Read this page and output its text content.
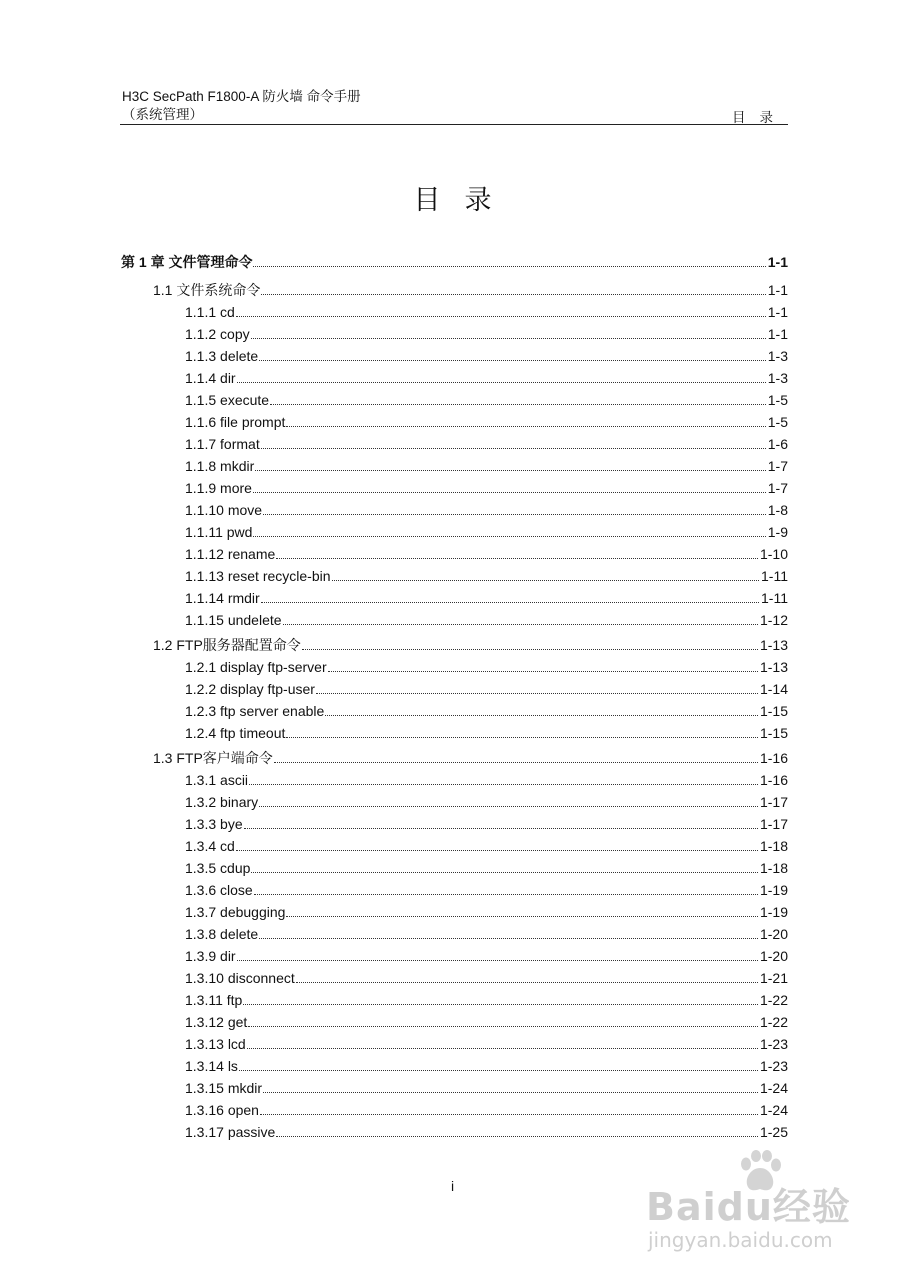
H3C SecPath F1800-A 防火墙 命令手册
（系统管理）	目录
目录
第 1 章 文件管理命令	1-1
1.1 文件系统命令	1-1
1.1.1 cd	1-1
1.1.2 copy	1-1
1.1.3 delete	1-3
1.1.4 dir	1-3
1.1.5 execute	1-5
1.1.6 file prompt	1-5
1.1.7 format	1-6
1.1.8 mkdir	1-7
1.1.9 more	1-7
1.1.10 move	1-8
1.1.11 pwd	1-9
1.1.12 rename	1-10
1.1.13 reset recycle-bin	1-11
1.1.14 rmdir	1-11
1.1.15 undelete	1-12
1.2 FTP服务器配置命令	1-13
1.2.1 display ftp-server	1-13
1.2.2 display ftp-user	1-14
1.2.3 ftp server enable	1-15
1.2.4 ftp timeout	1-15
1.3 FTP客户端命令	1-16
1.3.1 ascii	1-16
1.3.2 binary	1-17
1.3.3 bye	1-17
1.3.4 cd	1-18
1.3.5 cdup	1-18
1.3.6 close	1-19
1.3.7 debugging	1-19
1.3.8 delete	1-20
1.3.9 dir	1-20
1.3.10 disconnect	1-21
1.3.11 ftp	1-22
1.3.12 get	1-22
1.3.13 lcd	1-23
1.3.14 ls	1-23
1.3.15 mkdir	1-24
1.3.16 open	1-24
1.3.17 passive	1-25
i	Baidu经验
jingyan.baidu.com
